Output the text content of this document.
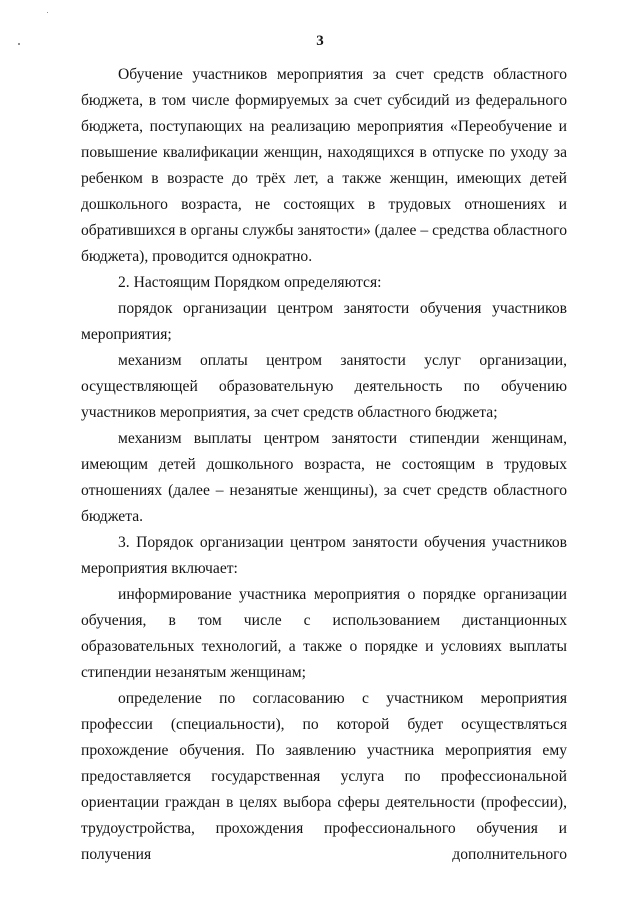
3

Обучение участников мероприятия за счет средств областного бюджета, в том числе формируемых за счет субсидий из федерального бюджета, поступающих на реализацию мероприятия «Переобучение и повышение квалификации женщин, находящихся в отпуске по уходу за ребенком в возрасте до трёх лет, а также женщин, имеющих детей дошкольного возраста, не состоящих в трудовых отношениях и обратившихся в органы службы занятости» (далее – средства областного бюджета), проводится однократно.

2. Настоящим Порядком определяются:

порядок организации центром занятости обучения участников мероприятия;

механизм оплаты центром занятости услуг организации, осуществляющей образовательную деятельность по обучению участников мероприятия, за счет средств областного бюджета;

механизм выплаты центром занятости стипендии женщинам, имеющим детей дошкольного возраста, не состоящим в трудовых отношениях (далее – незанятые женщины), за счет средств областного бюджета.

3. Порядок организации центром занятости обучения участников мероприятия включает:

информирование участника мероприятия о порядке организации обучения, в том числе с использованием дистанционных образовательных технологий, а также о порядке и условиях выплаты стипендии незанятым женщинам;

определение по согласованию с участником мероприятия профессии (специальности), по которой будет осуществляться прохождение обучения. По заявлению участника мероприятия ему предоставляется государственная услуга по профессиональной ориентации граждан в целях выбора сферы деятельности (профессии), трудоустройства, прохождения профессионального обучения и получения дополнительного
